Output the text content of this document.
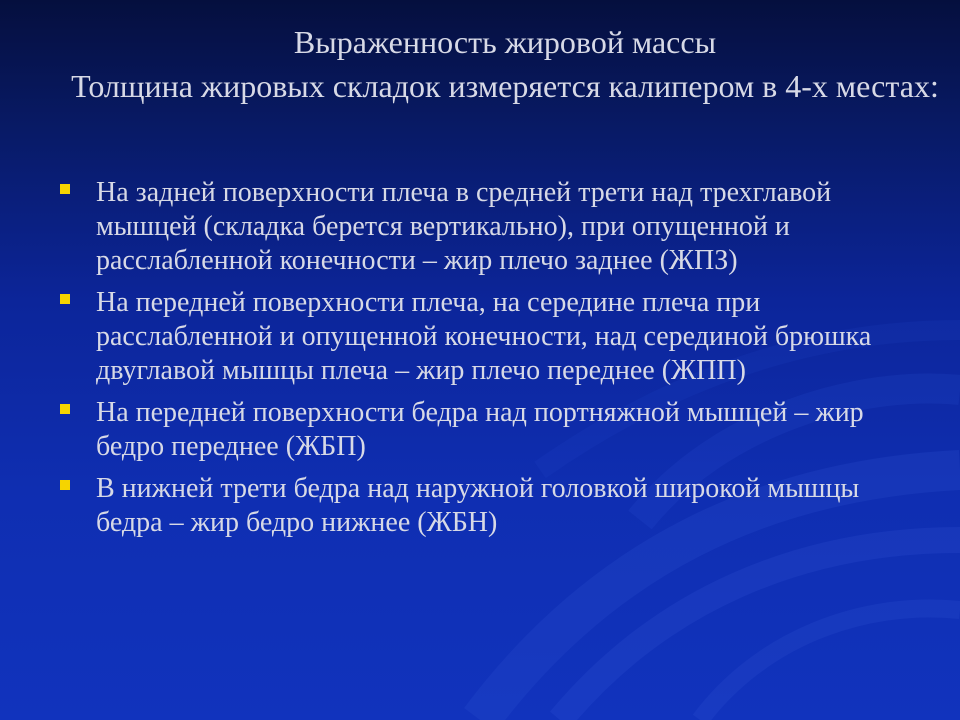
Выраженность жировой массы
Толщина жировых складок измеряется калипером в 4-х местах:
На задней поверхности плеча в средней трети над трехглавой мышцей (складка берется вертикально), при опущенной и расслабленной конечности – жир плечо заднее (ЖПЗ)
На передней поверхности плеча, на середине плеча при расслабленной и опущенной конечности, над серединой брюшка двуглавой мышцы плеча – жир плечо переднее (ЖПП)
На передней поверхности бедра над портняжной мышцей – жир бедро переднее (ЖБП)
В нижней трети бедра над наружной головкой широкой мышцы бедра – жир бедро нижнее (ЖБН)
